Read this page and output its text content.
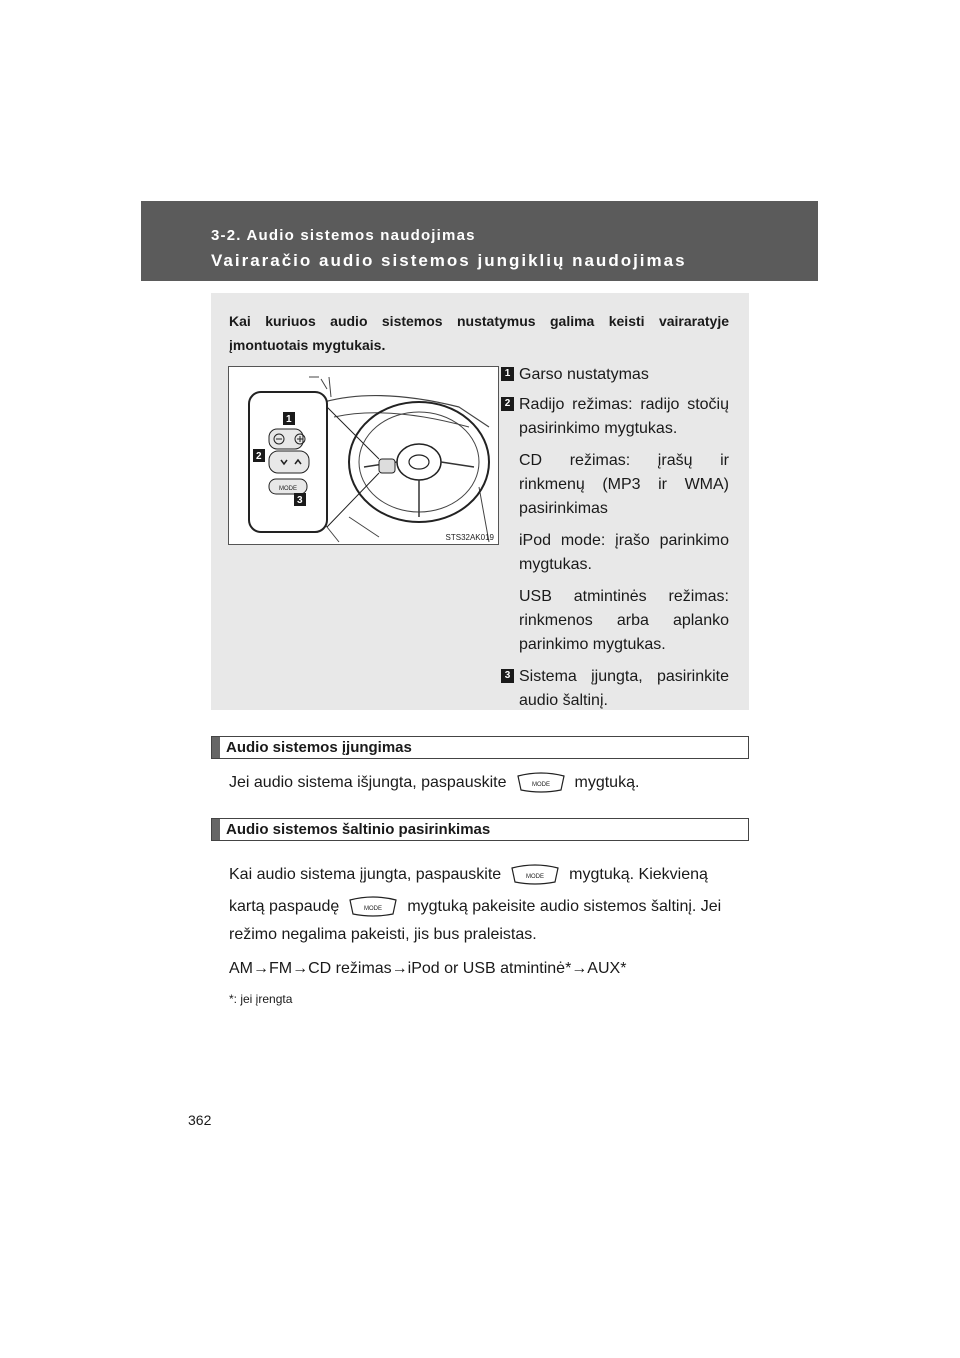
3-2. Audio sistemos naudojimas
Vairaračio audio sistemos jungiklių naudojimas
Kai kuriuos audio sistemos nustatymus galima keisti vairaratyje įmontuotais mygtukais.
MODE
1
2
3
STS32AK019
1 Garso nustatymas
2 Radijo režimas: radijo stočių pasirinkimo mygtukas.
CD režimas: įrašų ir rinkmenų (MP3 ir WMA) pasirinkimas
iPod mode: įrašo parinkimo mygtukas.
USB atmintinės režimas: rinkmenos arba aplanko parinkimo mygtukas.
3 Sistema įjungta, pasirinkite audio šaltinį.
Audio sistemos įjungimas
Jei audio sistema išjungta, paspauskite	MODE mygtuką.
Audio sistemos šaltinio pasirinkimas
Kai audio sistema įjungta, paspauskite	MODE mygtuką. Kiekvieną
kartą paspaudę	MODE mygtuką pakeisite audio sistemos šaltinį. Jei
režimo negalima pakeisti, jis bus praleistas.
AM→FM→CD režimas→iPod or USB atmintinė*→AUX*
*: jei įrengta
362
